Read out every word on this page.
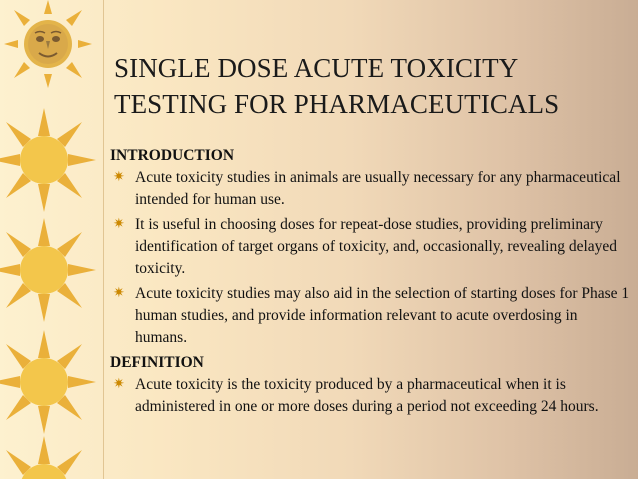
SINGLE DOSE ACUTE TOXICITY
TESTING FOR PHARMACEUTICALS

INTRODUCTION

✷ Acute toxicity studies in animals are usually necessary for any pharmaceutical intended for human use.
✷ It is useful in choosing doses for repeat-dose studies, providing preliminary identification of target organs of toxicity, and, occasionally, revealing delayed toxicity.
✷ Acute toxicity studies may also aid in the selection of starting doses for Phase 1 human studies, and provide information relevant to acute overdosing in humans.

DEFINITION

✷ Acute toxicity is the toxicity produced by a pharmaceutical when it is administered in one or more doses during a period not exceeding 24 hours.
